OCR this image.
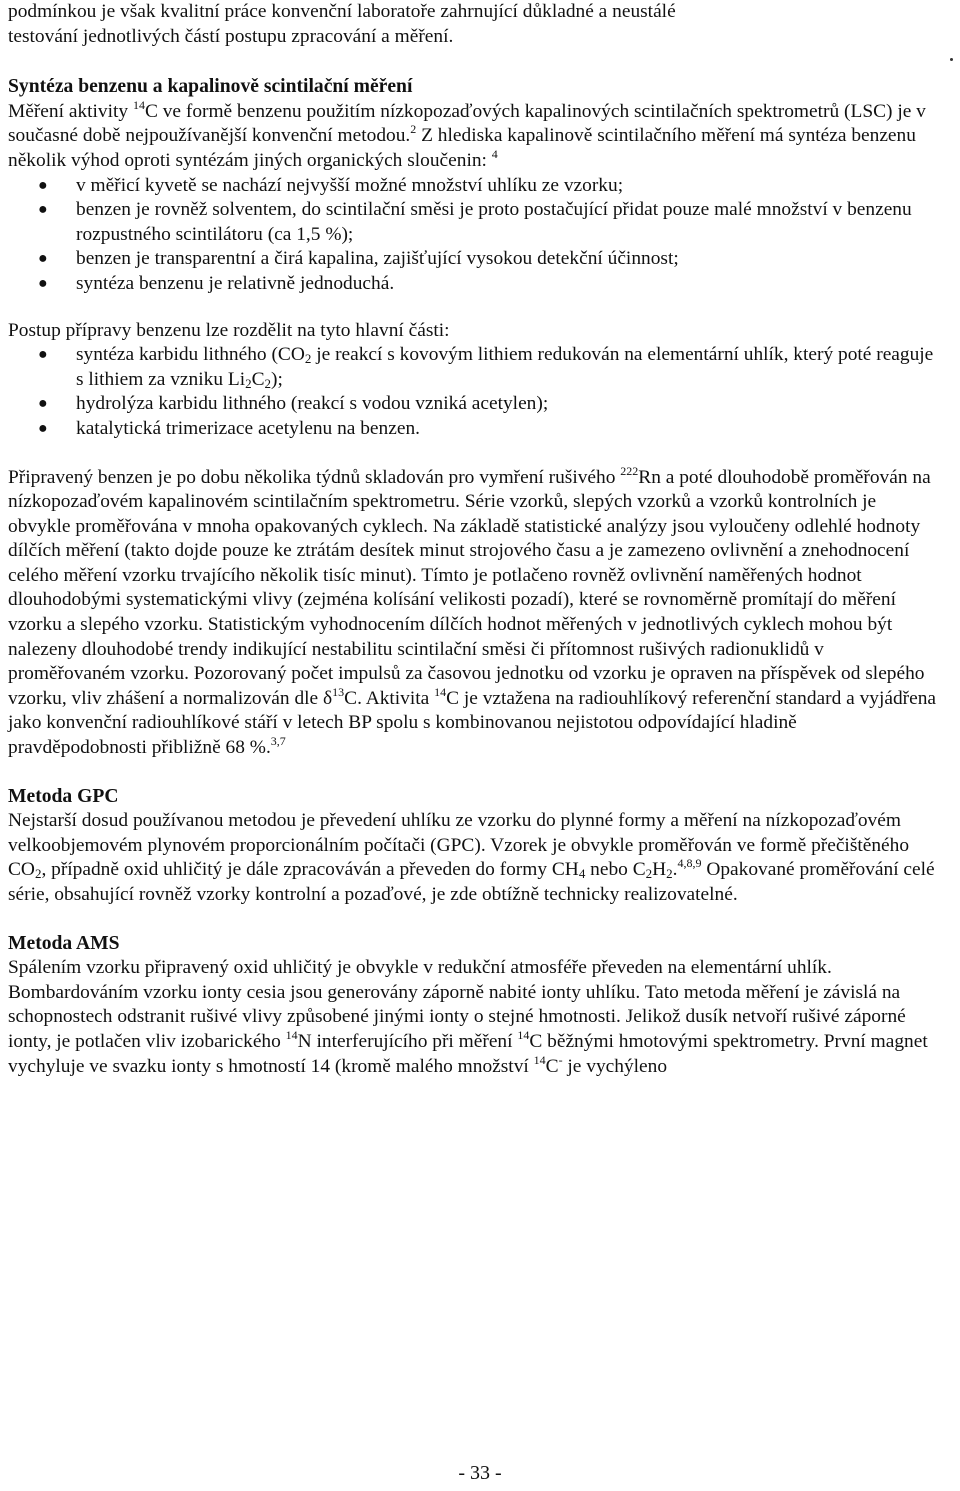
podmínkou je však kvalitní práce konvenční laboratoře zahrnující důkladné a neustálé
testování jednotlivých částí postupu zpracování a měření.

Syntéza benzenu a kapalinově scintilační měření

Měření aktivity $^{14}$C ve formě benzenu použitím nízkopozaďových kapalinových scintilačních spektrometrů (LSC) je v současné době nejpoužívanější konvenční metodou.$^2$ Z hlediska kapalinově scintilačního měření má syntéza benzenu několik výhod oproti syntézám jiných organických sloučenin: $^4$

● v měřicí kyvetě se nachází nejvyšší možné množství uhlíku ze vzorku;
● benzen je rovněž solventem, do scintilační směsi je proto postačující přidat pouze malé množství v benzenu rozpustného scintilátoru (ca 1,5 %);
● benzen je transparentní a čirá kapalina, zajišťující vysokou detekční účinnost;
● syntéza benzenu je relativně jednoduchá.

Postup přípravy benzenu lze rozdělit na tyto hlavní části:

● syntéza karbidu lithného ($CO_2$ je reakcí s kovovým lithiem redukován na elementární uhlík, který poté reaguje s lithiem za vzniku $Li_2C_2$);
● hydrolýza karbidu lithného (reakcí s vodou vzniká acetylen);
● katalytická trimerizace acetylenu na benzen.

Připravený benzen je po dobu několika týdnů skladován pro vymření rušivého $^{222}$Rn a poté dlouhodobě proměřován na nízkopozaďovém kapalinovém scintilačním spektrometru. Série vzorků, slepých vzorků a vzorků kontrolních je obvykle proměřována v mnoha opakovaných cyklech. Na základě statistické analýzy jsou vyloučeny odlehlé hodnoty dílčích měření (takto dojde pouze ke ztrátám desítek minut strojového času a je zamezeno ovlivnění a znehodnocení celého měření vzorku trvajícího několik tisíc minut). Tímto je potlačeno rovněž ovlivnění naměřených hodnot dlouhodobými systematickými vlivy (zejména kolísání velikosti pozadí), které se rovnoměrně promítají do měření vzorku a slepého vzorku. Statistickým vyhodnocením dílčích hodnot měřených v jednotlivých cyklech mohou být nalezeny dlouhodobé trendy indikující nestabilitu scintilační směsi či přítomnost rušivých radionuklidů v proměřovaném vzorku. Pozorovaný počet impulsů za časovou jednotku od vzorku je opraven na příspěvek od slepého vzorku, vliv zhášení a normalizován dle $\delta^{13}C$. Aktivita $^{14}$C je vztažena na radiouhlíkový referenční standard a vyjádřena jako konvenční radiouhlíkové stáří v letech BP spolu s kombinovanou nejistotou odpovídající hladině pravděpodobnosti přibližně 68 %.$^{3,7}$

Metoda GPC

Nejstarší dosud používanou metodou je převedení uhlíku ze vzorku do plynné formy a měření na nízkopozaďovém velkoobjemovém plynovém proporcionálním počítači (GPC). Vzorek je obvykle proměřován ve formě přečištěného $CO_2$, případně oxid uhličitý je dále zpracováván a převeden do formy $CH_4$ nebo $C_2H_2.^{4,8,9}$ Opakované proměřování celé série, obsahující rovněž vzorky kontrolní a pozaďové, je zde obtížně technicky realizovatelné.

Metoda AMS

Spálením vzorku připravený oxid uhličitý je obvykle v redukční atmosféře převeden na elementární uhlík. Bombardováním vzorku ionty cesia jsou generovány záporně nabité ionty uhlíku. Tato metoda měření je závislá na schopnostech odstranit rušivé vlivy způsobené jinými ionty o stejné hmotnosti. Jelikož dusík netvoří rušivé záporné ionty, je potlačen vliv izobarického $^{14}$N interferujícího při měření $^{14}$C běžnými hmotovými spektrometry. První magnet vychyluje ve svazku ionty s hmotností 14 (kromě malého množství $^{14}$C- je vychýleno

- 33 -
